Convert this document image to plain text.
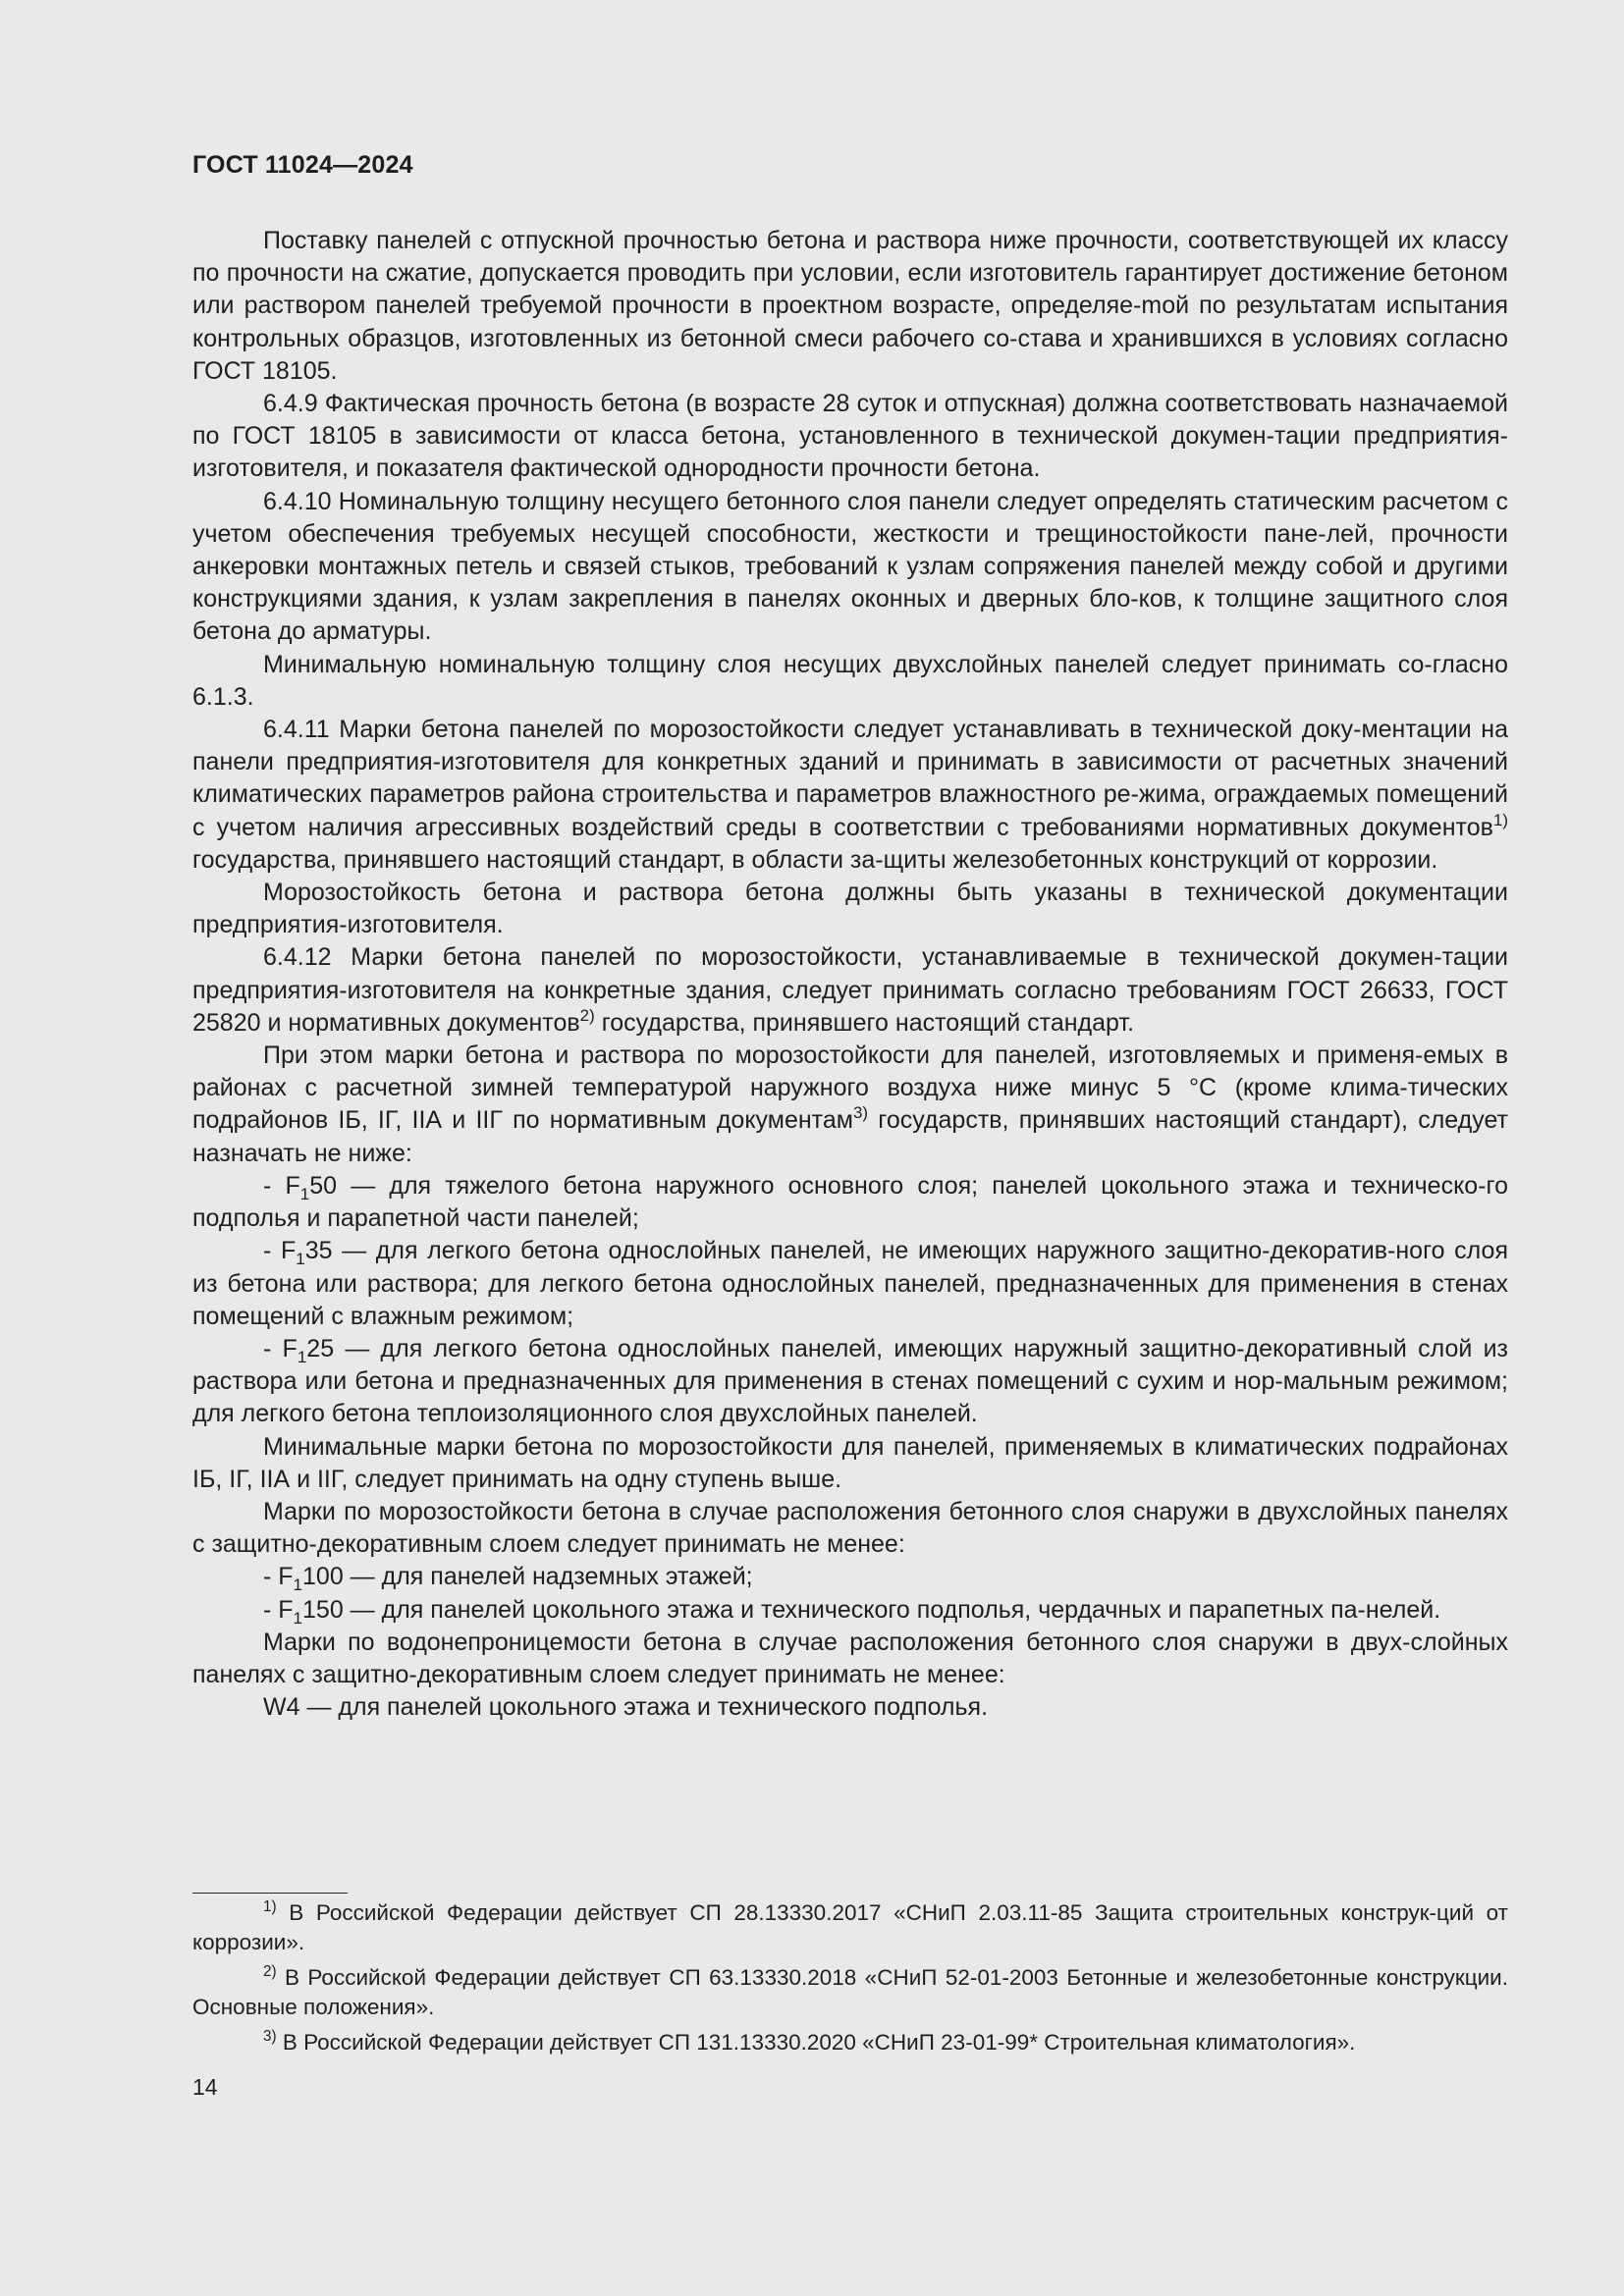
ГОСТ 11024—2024

Поставку панелей с отпускной прочностью бетона и раствора ниже прочности, соответствующей их классу по прочности на сжатие, допускается проводить при условии, если изготовитель гарантирует достижение бетоном или раствором панелей требуемой прочности в проектном возрасте, определяе-mой по результатам испытания контрольных образцов, изготовленных из бетонной смеси рабочего со-става и хранившихся в условиях согласно ГОСТ 18105.

6.4.9 Фактическая прочность бетона (в возрасте 28 суток и отпускная) должна соответствовать назначаемой по ГОСТ 18105 в зависимости от класса бетона, установленного в технической докумен-тации предприятия-изготовителя, и показателя фактической однородности прочности бетона.

6.4.10 Номинальную толщину несущего бетонного слоя панели следует определять статическим расчетом с учетом обеспечения требуемых несущей способности, жесткости и трещиностойкости пане-лей, прочности анкеровки монтажных петель и связей стыков, требований к узлам сопряжения панелей между собой и другими конструкциями здания, к узлам закрепления в панелях оконных и дверных бло-ков, к толщине защитного слоя бетона до арматуры.

Минимальную номинальную толщину слоя несущих двухслойных панелей следует принимать со-гласно 6.1.3.

6.4.11 Марки бетона панелей по морозостойкости следует устанавливать в технической доку-ментации на панели предприятия-изготовителя для конкретных зданий и принимать в зависимости от расчетных значений климатических параметров района строительства и параметров влажностного ре-жима, ограждаемых помещений с учетом наличия агрессивных воздействий среды в соответствии с требованиями нормативных документов$^{1)}$ государства, принявшего настоящий стандарт, в области за-щиты железобетонных конструкций от коррозии.

Морозостойкость бетона и раствора бетона должны быть указаны в технической документации предприятия-изготовителя.

6.4.12 Марки бетона панелей по морозостойкости, устанавливаемые в технической докумен-тации предприятия-изготовителя на конкретные здания, следует принимать согласно требованиям ГОСТ 26633, ГОСТ 25820 и нормативных документов$^{2)}$ государства, принявшего настоящий стандарт.

При этом марки бетона и раствора по морозостойкости для панелей, изготовляемых и применя-емых в районах с расчетной зимней температурой наружного воздуха ниже минус 5 °С (кроме клима-тических подрайонов IБ, IГ, IIА и IIГ по нормативным документам$^{3)}$ государств, принявших настоящий стандарт), следует назначать не ниже:

- $F_150$ — для тяжелого бетона наружного основного слоя; панелей цокольного этажа и техническо-го подполья и парапетной части панелей;

- $F_135$ — для легкого бетона однослойных панелей, не имеющих наружного защитно-декоратив-ного слоя из бетона или раствора; для легкого бетона однослойных панелей, предназначенных для применения в стенах помещений с влажным режимом;

- $F_125$ — для легкого бетона однослойных панелей, имеющих наружный защитно-декоративный слой из раствора или бетона и предназначенных для применения в стенах помещений с сухим и нор-мальным режимом; для легкого бетона теплоизоляционного слоя двухслойных панелей.

Минимальные марки бетона по морозостойкости для панелей, применяемых в климатических подрайонах IБ, IГ, IIА и IIГ, следует принимать на одну ступень выше.

Марки по морозостойкости бетона в случае расположения бетонного слоя снаружи в двухслойных панелях с защитно-декоративным слоем следует принимать не менее:

- $F_1100$ — для панелей надземных этажей;

- $F_1150$ — для панелей цокольного этажа и технического подполья, чердачных и парапетных па-нелей.

Марки по водонепроницемости бетона в случае расположения бетонного слоя снаружи в двух-слойных панелях с защитно-декоративным слоем следует принимать не менее:

W4 — для панелей цокольного этажа и технического подполья.

$^{1)}$ В Российской Федерации действует СП 28.13330.2017 «СНиП 2.03.11-85 Защита строительных конструк-ций от коррозии».

$^{2)}$ В Российской Федерации действует СП 63.13330.2018 «СНиП 52-01-2003 Бетонные и железобетонные конструкции. Основные положения».

$^{3)}$ В Российской Федерации действует СП 131.13330.2020 «СНиП 23-01-99* Строительная климатология».

14
